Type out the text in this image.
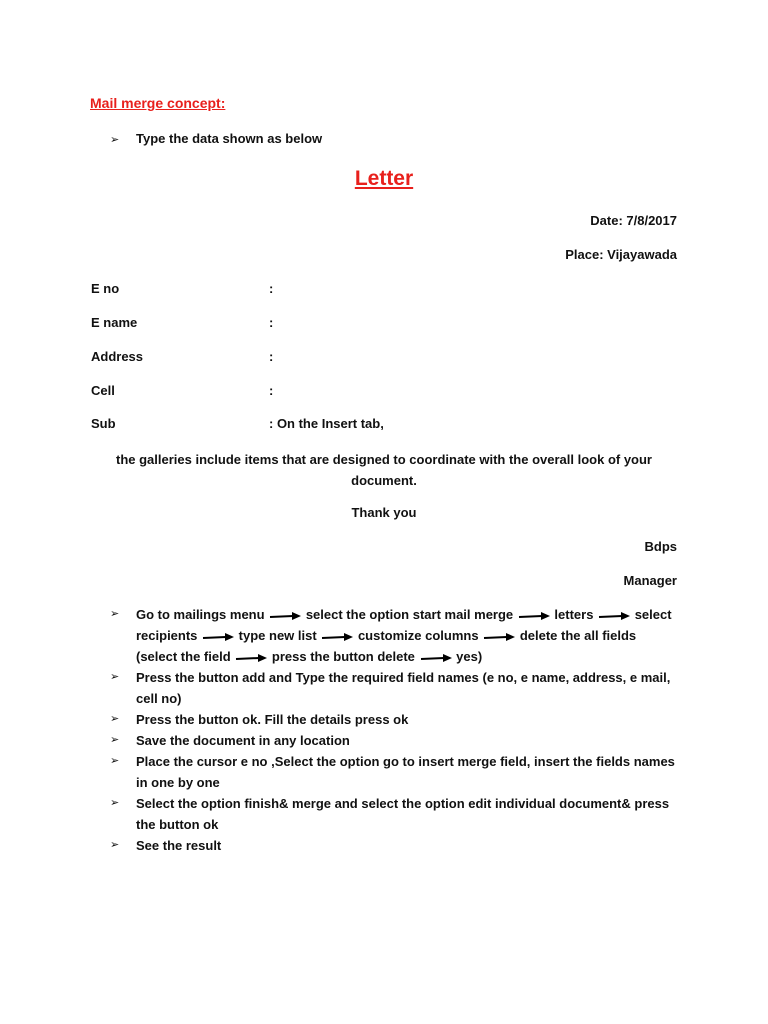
Mail merge concept:
➢ Type the data shown as below
Letter
Date: 7/8/2017
Place: Vijayawada
E no	:
E name	:
Address	:
Cell	:
Sub	: On the Insert tab,
the galleries include items that are designed to coordinate with the overall look of your document.
Thank you
Bdps
Manager
➢ Go to mailings menu	select the option start mail merge	letters	select recipients	type new list	customize columns	delete the all fields (select the field	press the button delete	yes)
➢ Press the button add and Type the required field names (e no, e name, address, e mail, cell no)
➢ Press the button ok. Fill the details press ok
➢ Save the document in any location
➢ Place the cursor e no ,Select the option go to insert merge field, insert the fields names in one by one
➢ Select the option finish& merge and select the option edit individual document& press the button ok
➢ See the result
